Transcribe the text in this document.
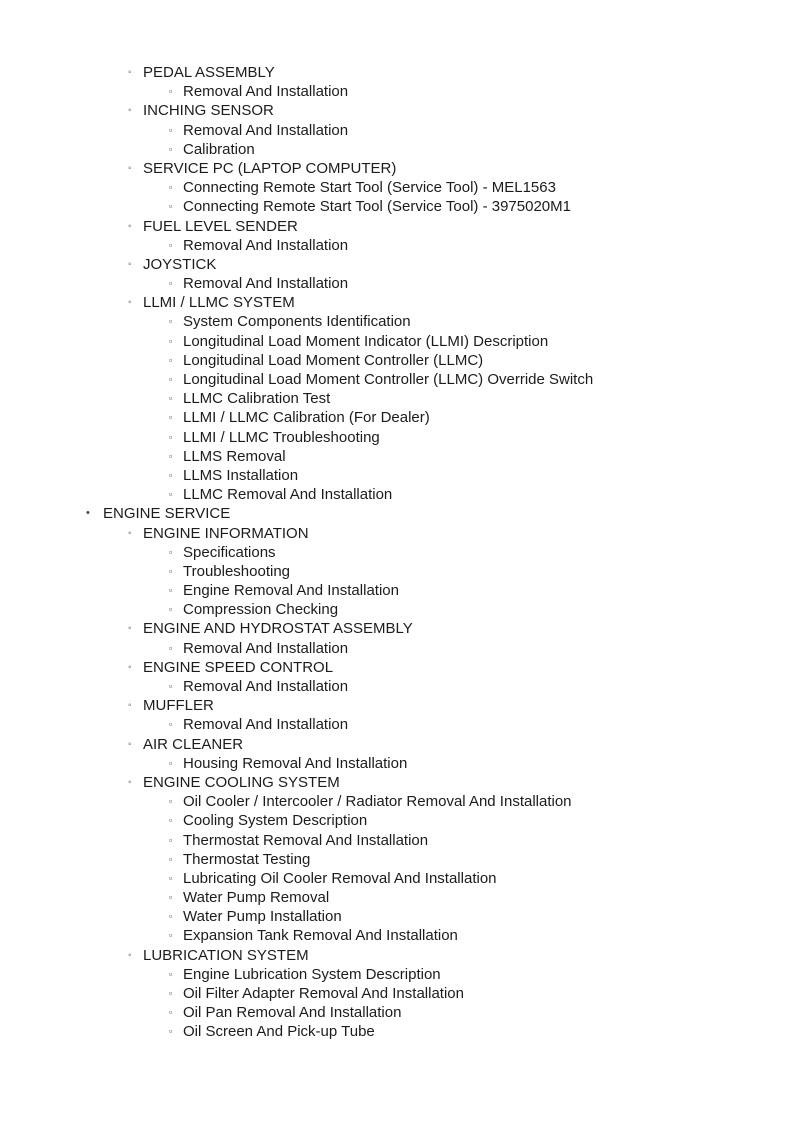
◦ PEDAL ASSEMBLY
▫ Removal And Installation
◦ INCHING SENSOR
▫ Removal And Installation
▫ Calibration
◦ SERVICE PC (LAPTOP COMPUTER)
▫ Connecting Remote Start Tool (Service Tool) - MEL1563
▫ Connecting Remote Start Tool (Service Tool) - 3975020M1
◦ FUEL LEVEL SENDER
▫ Removal And Installation
◦ JOYSTICK
▫ Removal And Installation
◦ LLMI / LLMC SYSTEM
▫ System Components Identification
▫ Longitudinal Load Moment Indicator (LLMI) Description
▫ Longitudinal Load Moment Controller (LLMC)
▫ Longitudinal Load Moment Controller (LLMC) Override Switch
▫ LLMC Calibration Test
▫ LLMI / LLMC Calibration (For Dealer)
▫ LLMI / LLMC Troubleshooting
▫ LLMS Removal
▫ LLMS Installation
▫ LLMC Removal And Installation
• ENGINE SERVICE
◦ ENGINE INFORMATION
▫ Specifications
▫ Troubleshooting
▫ Engine Removal And Installation
▫ Compression Checking
◦ ENGINE AND HYDROSTAT ASSEMBLY
▫ Removal And Installation
◦ ENGINE SPEED CONTROL
▫ Removal And Installation
◦ MUFFLER
▫ Removal And Installation
◦ AIR CLEANER
▫ Housing Removal And Installation
◦ ENGINE COOLING SYSTEM
▫ Oil Cooler / Intercooler / Radiator Removal And Installation
▫ Cooling System Description
▫ Thermostat Removal And Installation
▫ Thermostat Testing
▫ Lubricating Oil Cooler Removal And Installation
▫ Water Pump Removal
▫ Water Pump Installation
▫ Expansion Tank Removal And Installation
◦ LUBRICATION SYSTEM
▫ Engine Lubrication System Description
▫ Oil Filter Adapter Removal And Installation
▫ Oil Pan Removal And Installation
▫ Oil Screen And Pick-up Tube
